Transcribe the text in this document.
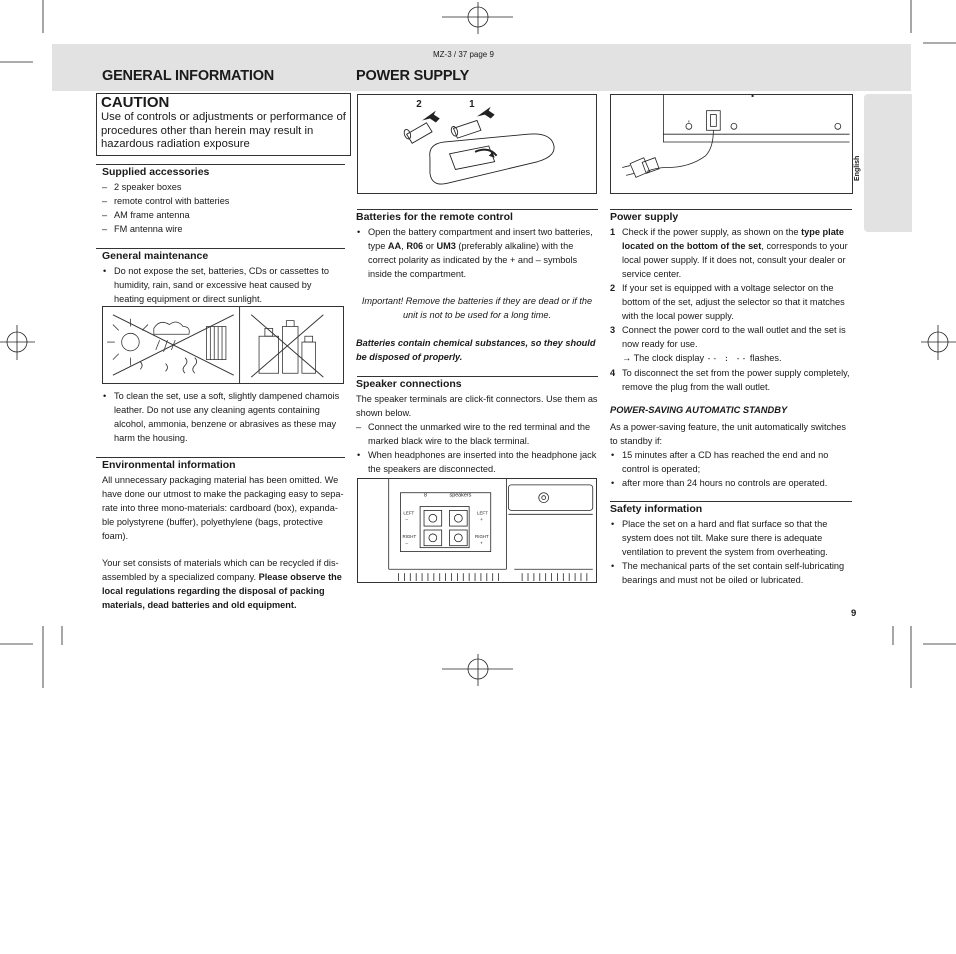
MZ-3 / 37 page 9
GENERAL INFORMATION	POWER SUPPLY
English
CAUTION
Use of controls or adjustments or performance of procedures other than herein may result in hazardous radiation exposure
Supplied accessories
– 2 speaker boxes
– remote control with batteries
– AM frame antenna
– FM antenna wire
General maintenance
• Do not expose the set, batteries, CDs or cassettes to humidity, rain, sand or excessive heat caused by heating equipment or direct sunlight.
• To clean the set, use a soft, slightly dampened chamois leather. Do not use any cleaning agents containing alcohol, ammonia, benzene or abrasives as these may harm the housing.
Environmental information
All unnecessary packaging material has been omitted. We have done our utmost to make the packaging easy to sepa-rate into three mono-materials: cardboard (box), expanda-ble polystyrene (buffer), polyethylene (bags, protective foam).
Your set consists of materials which can be recycled if dis-assembled by a specialized company. Please observe the local regulations regarding the disposal of packing materials, dead batteries and old equipment.
2	1
Batteries for the remote control
• Open the battery compartment and insert two batteries, type AA, R06 or UM3 (preferably alkaline) with the correct polarity as indicated by the + and – symbols inside the compartment.
Important! Remove the batteries if they are dead or if the unit is not to be used for a long time.
Batteries contain chemical substances, so they should be disposed of properly.
Speaker connections
The speaker terminals are click-fit connectors. Use them as shown below.
– Connect the unmarked wire to the red terminal and the marked black wire to the black terminal.
• When headphones are inserted into the headphone jack the speakers are disconnected.
8	speakers
LEFT
–
LEFT
+
RIGHT
–
RIGHT
+
Power supply
1 Check if the power supply, as shown on the type plate located on the bottom of the set, corresponds to your local power supply. If it does not, consult your dealer or service center.
2 If your set is equipped with a voltage selector on the bottom of the set, adjust the selector so that it matches with the local power supply.
3 Connect the power cord to the wall outlet and the set is now ready for use.
→ The clock display -- : -- flashes.
4 To disconnect the set from the power supply completely, remove the plug from the wall outlet.
POWER-SAVING AUTOMATIC STANDBY
As a power-saving feature, the unit automatically switches to standby if:
• 15 minutes after a CD has reached the end and no control is operated;
• after more than 24 hours no controls are operated.
Safety information
• Place the set on a hard and flat surface so that the system does not tilt. Make sure there is adequate ventilation to prevent the system from overheating.
• The mechanical parts of the set contain self-lubricating bearings and must not be oiled or lubricated.
9
